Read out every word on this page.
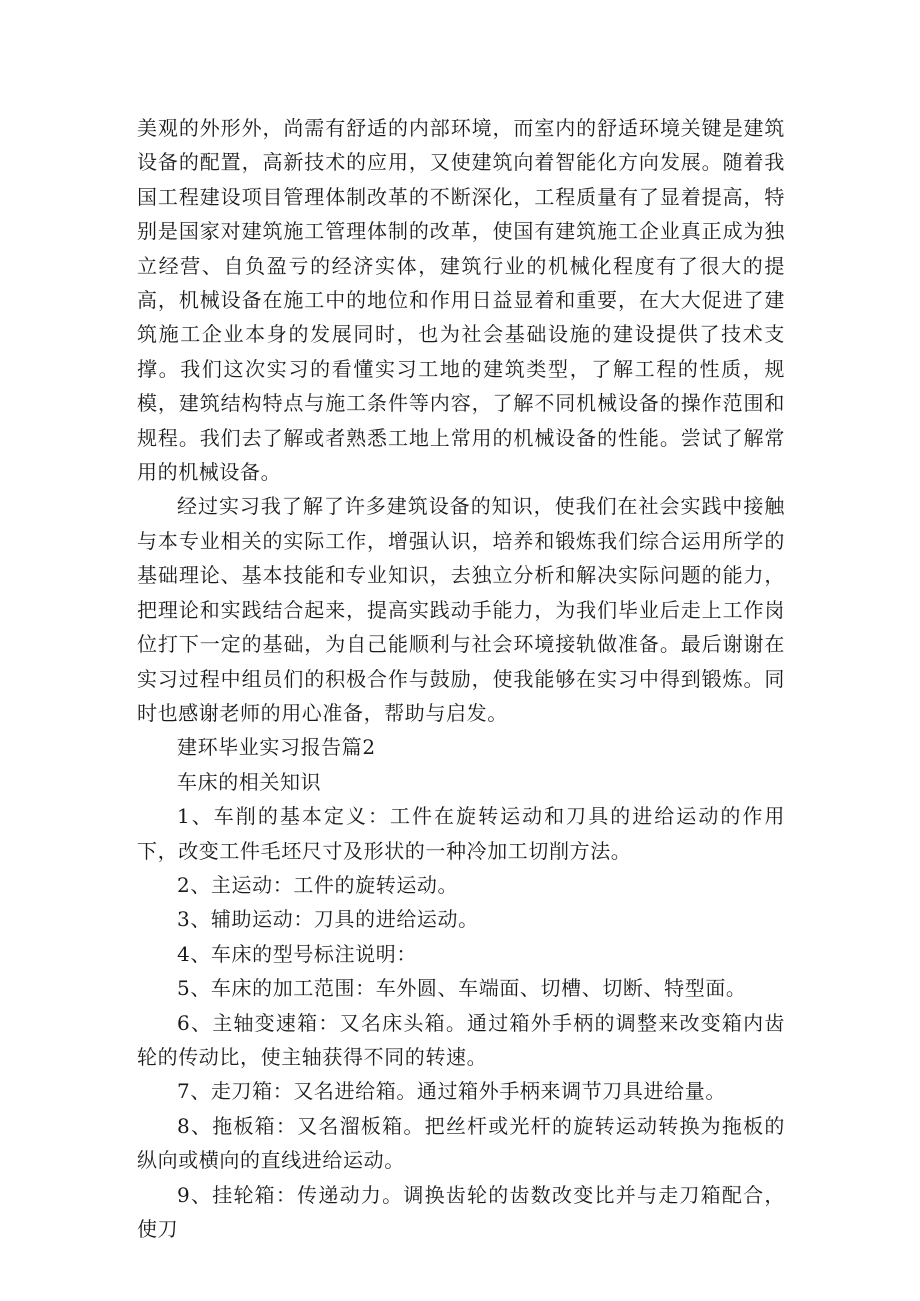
美观的外形外，尚需有舒适的内部环境，而室内的舒适环境关键是建筑设备的配置，高新技术的应用，又使建筑向着智能化方向发展。随着我国工程建设项目管理体制改革的不断深化，工程质量有了显着提高，特别是国家对建筑施工管理体制的改革，使国有建筑施工企业真正成为独立经营、自负盈亏的经济实体，建筑行业的机械化程度有了很大的提高，机械设备在施工中的地位和作用日益显着和重要，在大大促进了建筑施工企业本身的发展同时，也为社会基础设施的建设提供了技术支撑。我们这次实习的看懂实习工地的建筑类型，了解工程的性质，规模，建筑结构特点与施工条件等内容，了解不同机械设备的操作范围和规程。我们去了解或者熟悉工地上常用的机械设备的性能。尝试了解常用的机械设备。

经过实习我了解了许多建筑设备的知识，使我们在社会实践中接触与本专业相关的实际工作，增强认识，培养和锻炼我们综合运用所学的基础理论、基本技能和专业知识，去独立分析和解决实际问题的能力，把理论和实践结合起来，提高实践动手能力，为我们毕业后走上工作岗位打下一定的基础，为自己能顺利与社会环境接轨做准备。最后谢谢在实习过程中组员们的积极合作与鼓励，使我能够在实习中得到锻炼。同时也感谢老师的用心准备，帮助与启发。

建环毕业实习报告篇2

车床的相关知识

1、车削的基本定义：工件在旋转运动和刀具的进给运动的作用下，改变工件毛坯尺寸及形状的一种冷加工切削方法。

2、主运动：工件的旋转运动。

3、辅助运动：刀具的进给运动。

4、车床的型号标注说明：

5、车床的加工范围：车外圆、车端面、切槽、切断、特型面。

6、主轴变速箱：又名床头箱。通过箱外手柄的调整来改变箱内齿轮的传动比，使主轴获得不同的转速。

7、走刀箱：又名进给箱。通过箱外手柄来调节刀具进给量。

8、拖板箱：又名溜板箱。把丝杆或光杆的旋转运动转换为拖板的纵向或横向的直线进给运动。

9、挂轮箱：传递动力。调换齿轮的齿数改变比并与走刀箱配合，使刀
